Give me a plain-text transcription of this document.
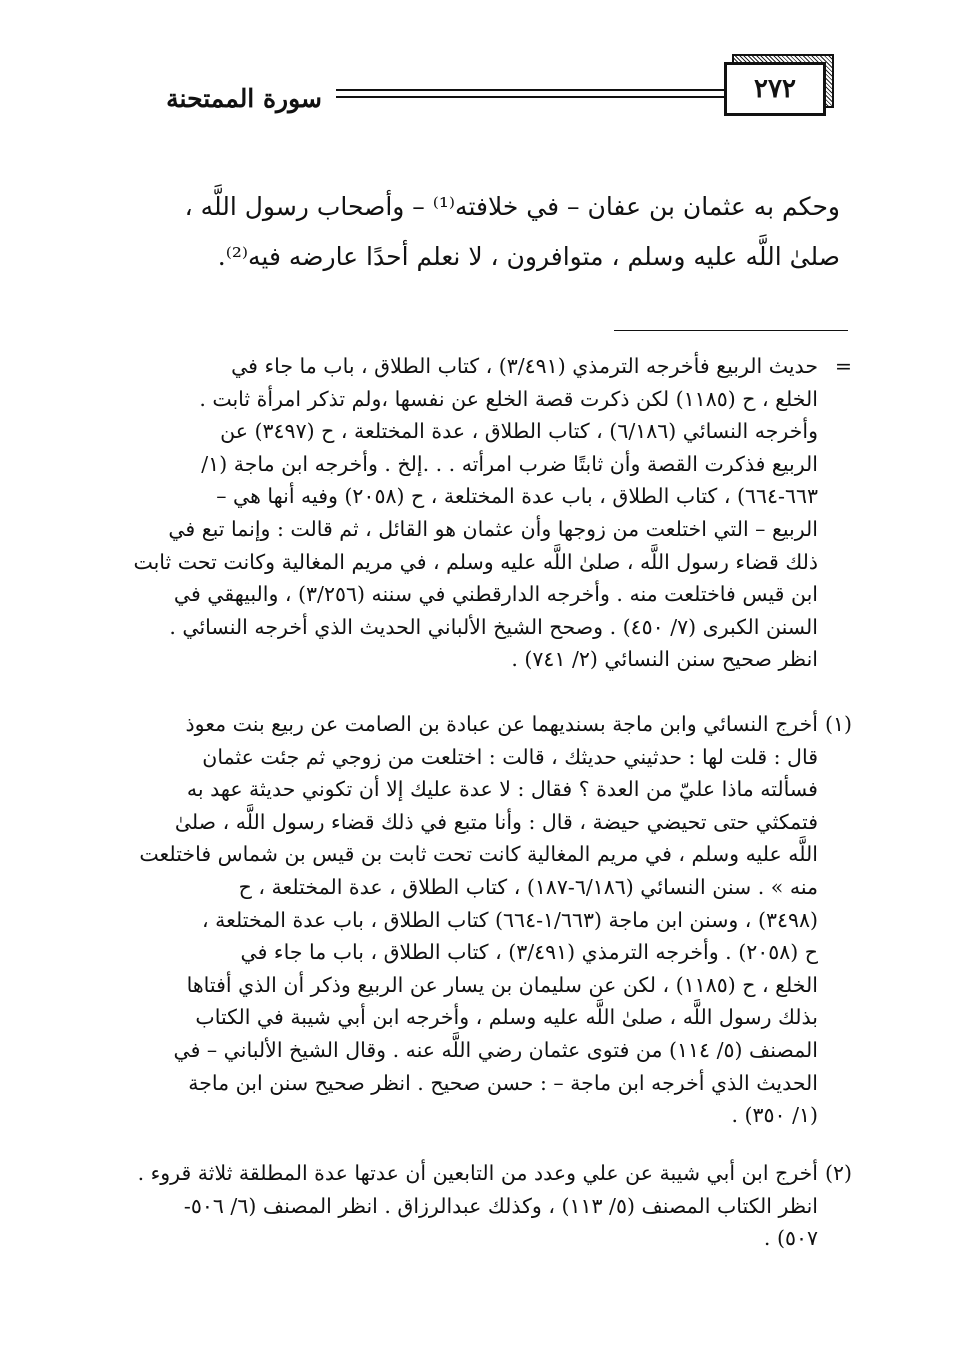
٢٧٢
سورة الممتحنة
وحكم به عثمان بن عفان – في خلافته⁽¹⁾ – وأصحاب رسول اللَّه ،
صلىٰ اللَّه عليه وسلم ، متوافرون ، لا نعلم أحدًا عارضه فيه⁽²⁾.
=
حديث الربيع فأخرجه الترمذي (٣/٤٩١) ، كتاب الطلاق ، باب ما جاء في
الخلع ، ح (١١٨٥) لكن ذكرت قصة الخلع عن نفسها ،ولم تذكر امرأة ثابت .
وأخرجه النسائي (٦/١٨٦) ، كتاب الطلاق ، عدة المختلعة ، ح (٣٤٩٧) عن
الربيع فذكرت القصة وأن ثابتًا ضرب امرأته . . .إلخ . وأخرجه ابن ماجة (١/
٦٦٣-٦٦٤) ، كتاب الطلاق ، باب عدة المختلعة ، ح (٢٠٥٨) وفيه أنها هي –
الربيع – التي اختلعت من زوجها وأن عثمان هو القائل ، ثم قالت : وإنما تبع في
ذلك قضاء رسول اللَّه ، صلىٰ اللَّه عليه وسلم ، في مريم المغالية وكانت تحت ثابت
ابن قيس فاختلعت منه . وأخرجه الدارقطني في سننه (٣/٢٥٦) ، والبيهقي في
السنن الكبرى (٧/ ٤٥٠) . وصحح الشيخ الألباني الحديث الذي أخرجه النسائي .
انظر صحيح سنن النسائي (٢/ ٧٤١) .
(١)
أخرج النسائي وابن ماجة بسنديهما عن عبادة بن الصامت عن ربيع بنت معوذ
قال : قلت لها : حدثيني حديثك ، قالت : اختلعت من زوجي ثم جئت عثمان
فسألته ماذا عليّ من العدة ؟ فقال : لا عدة عليك إلا أن تكوني حديثة عهد به
فتمكثي حتى تحيضي حيضة ، قال : وأنا متبع في ذلك قضاء رسول اللَّه ، صلىٰ
اللَّه عليه وسلم ، في مريم المغالية كانت تحت ثابت بن قيس بن شماس فاختلعت
منه » . سنن النسائي (٦/١٨٦-١٨٧) ، كتاب الطلاق ، عدة المختلعة ، ح
(٣٤٩٨) ، وسنن ابن ماجة (١/٦٦٣-٦٦٤) كتاب الطلاق ، باب عدة المختلعة ،
ح (٢٠٥٨) . وأخرجه الترمذي (٣/٤٩١) ، كتاب الطلاق ، باب ما جاء في
الخلع ، ح (١١٨٥) ، لكن عن سليمان بن يسار عن الربيع وذكر أن الذي أفتاها
بذلك رسول اللَّه ، صلىٰ اللَّه عليه وسلم ، وأخرجه ابن أبي شيبة في الكتاب
المصنف (٥/ ١١٤) من فتوى عثمان رضي اللَّه عنه . وقال الشيخ الألباني – في
الحديث الذي أخرجه ابن ماجة – : حسن صحيح . انظر صحيح سنن ابن ماجة
(١/ ٣٥٠) .
(٢)
أخرج ابن أبي شيبة عن علي وعدد من التابعين أن عدتها عدة المطلقة ثلاثة قروء .
انظر الكتاب المصنف (٥/ ١١٣) ، وكذلك عبدالرزاق . انظر المصنف (٦/ ٥٠٦-
٥٠٧) .
